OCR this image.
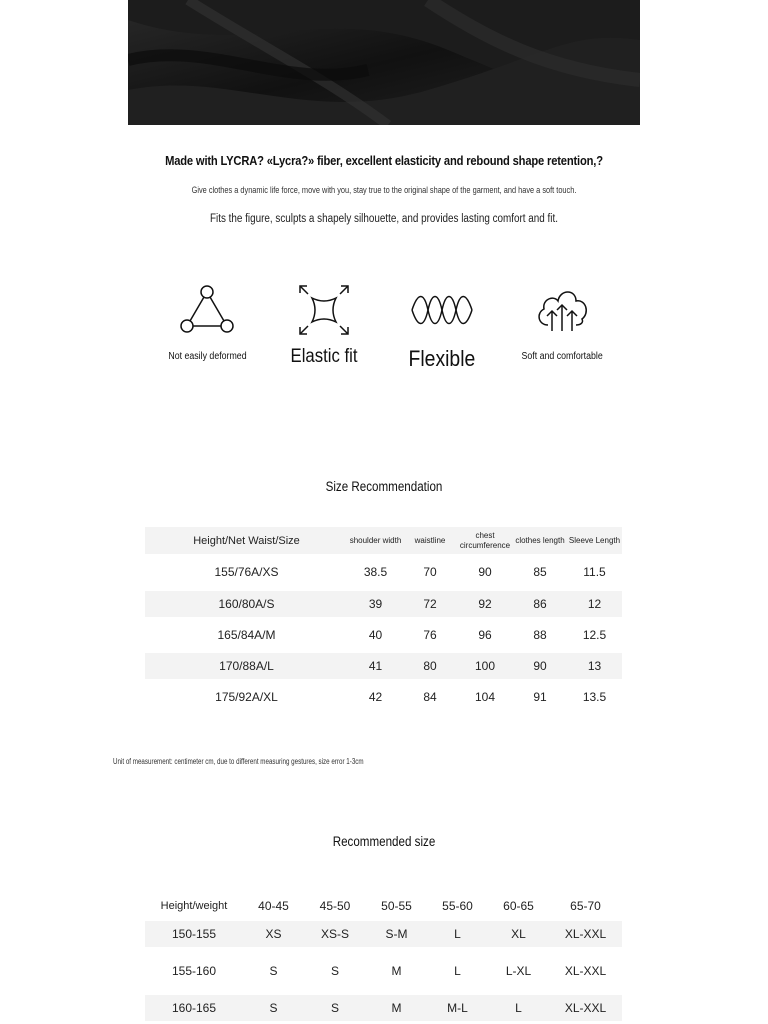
Made with LYCRA? «Lycra?» fiber, excellent elasticity and rebound shape retention,?
Give clothes a dynamic life force, move with you, stay true to the original shape of the garment, and have a soft touch.
Fits the figure, sculpts a shapely silhouette, and provides lasting comfort and fit.
Not easily deformed	Elastic fit	Flexible	Soft and comfortable
Size Recommendation
Height/Net Waist/Size	shoulder width	waistline	chest circumference	clothes length	Sleeve Length
155/76A/XS	38.5	70	90	85	11.5
160/80A/S	39	72	92	86	12
165/84A/M	40	76	96	88	12.5
170/88A/L	41	80	100	90	13
175/92A/XL	42	84	104	91	13.5
Unit of measurement: centimeter cm, due to different measuring gestures, size error 1-3cm
Recommended size
Height/weight	40-45	45-50	50-55	55-60	60-65	65-70
150-155	XS	XS-S	S-M	L	XL	XL-XXL
155-160	S	S	M	L	L-XL	XL-XXL
160-165	S	S	M	M-L	L	XL-XXL
